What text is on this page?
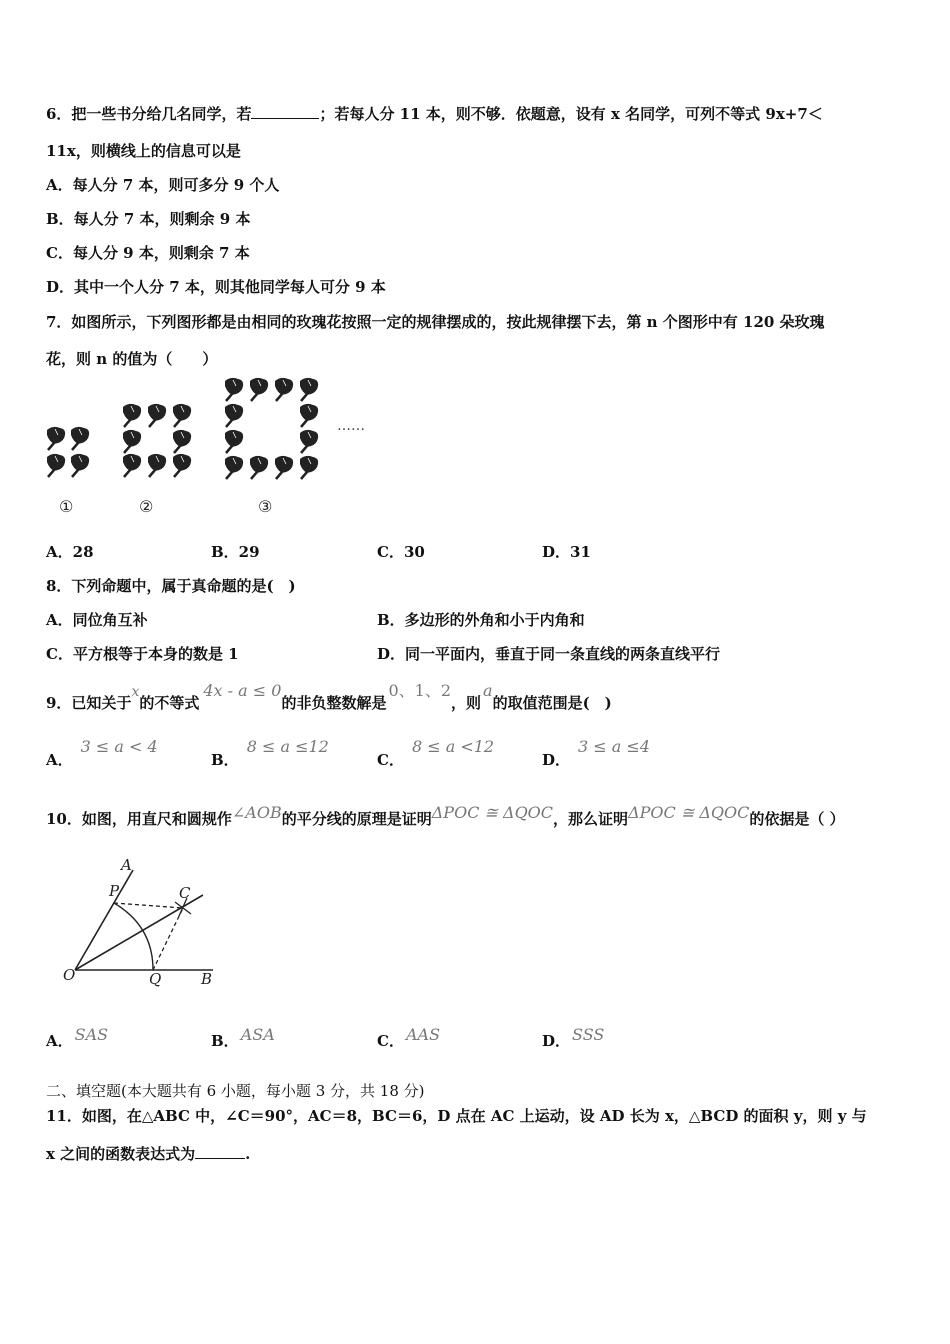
6．把一些书分给几名同学，若	；若每人分 11 本，则不够．依题意，设有 x 名同学，可列不等式 9x+7＜
11x，则横线上的信息可以是
A．每人分 7 本，则可多分 9 个人
B．每人分 7 本，则剩余 9 本
C．每人分 9 本，则剩余 7 本
D．其中一个人分 7 本，则其他同学每人可分 9 本
7．如图所示，下列图形都是由相同的玫瑰花按照一定的规律摆成的，按此规律摆下去，第 n 个图形中有 120 朵玫瑰
花，则 n 的值为（　　）
……
①	②	③
A．28	B．29	C．30	D．31
8．下列命题中，属于真命题的是(　)
A．同位角互补	B．多边形的外角和小于内角和
C．平方根等于本身的数是 1	D．同一平面内，垂直于同一条直线的两条直线平行
9．已知关于x的不等式4x - a ≤ 0的非负整数解是0、1、2，则a的取值范围是(　)
A．3 ≤ a < 4
B．8 ≤ a ≤12
C．8 ≤ a <12
D．3 ≤ a ≤4
10．如图，用直尺和圆规作∠AOB的平分线的原理是证明ΔPOC ≅ ΔQOC，那么证明ΔPOC ≅ ΔQOC的依据是（ ）
A
P	C
O	Q	B
A． SAS	B． ASA	C． AAS	D． SSS
二、填空题(本大题共有 6 小题，每小题 3 分，共 18 分)
11．如图，在△ABC 中，∠C＝90°，AC＝8，BC＝6，D 点在 AC 上运动，设 AD 长为 x，△BCD 的面积 y，则 y 与
x 之间的函数表达式为	.
